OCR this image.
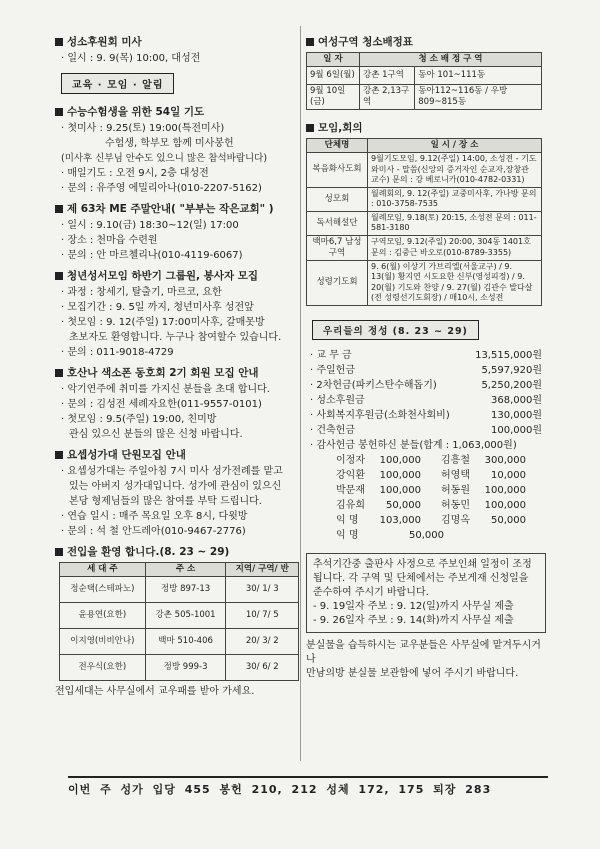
성소후원회 미사
· 일시 : 9. 9(목) 10:00, 대성전
교육 · 모임 · 알림
수능수험생을 위한 54일 기도
· 첫미사 : 9.25(토) 19:00(특전미사)
수험생, 학부모 함께 미사봉헌
(미사후 신부님 안수도 있으니 많은 참석바랍니다)
· 매일기도 : 오전 9시, 2층 대성전
· 문의 : 유주영 에밀리아나(010-2207-5162)
제 63차 ME 주말안내( "부부는 작은교회" )
· 일시 : 9.10(금) 18:30~12(일) 17:00
· 장소 : 천마읍 수련원
· 문의 : 안 마르첼리나(010-4119-6067)
청년성서모임 하반기 그룹원, 봉사자 모집
· 과정 : 창세기, 탈출기, 마르코, 요한
· 모집기간 : 9. 5일 까지, 청년미사후 성전앞
· 첫모임 : 9. 12(주일) 17:00미사후, 갈매못방
초보자도 환영합니다. 누구나 참여할수 있습니다.
· 문의 : 011-9018-4729
호산나 색소폰 동호회 2기 회원 모집 안내
· 악기연주에 취미를 가지신 분들을 초대 합니다.
· 문의 : 김성전 세례자요한(011-9557-0101)
· 첫모임 : 9.5(주일) 19:00, 친미방
관심 있으신 분들의 많은 신청 바랍니다.
요셉성가대 단원모집 안내
· 요셉성가대는 주일아침 7시 미사 성가전례를 맡고
있는 아버지 성가대입니다. 성가에 관심이 있으신
본당 형제님들의 많은 참여를 부탁 드립니다.
· 연습 일시 : 매주 목요일 오후 8시, 다윗방
· 문의 : 석 철 안드레아(010-9467-2776)
전입을 환영 합니다.(8. 23 ~ 29)
세 대 주	주 소	지역/ 구역/ 반
정순택(스테파노)	정방 897-13	30/ 1/ 3
윤용연(요한)	강촌 505-1001	10/ 7/ 5
이지영(비비안나)	백마 510-406	20/ 3/ 2
전우식(요한)	정방 999-3	30/ 6/ 2
전입세대는 사무실에서 교우패를 받아 가세요.
여성구역 청소배정표
일 자	청 소 배 정 구 역	
9월 6일(월)	강촌 1구역	동아 101~111동
9월 10일(금)	강촌 2,13구역	동아112~116동 / 우방809~815동
모임,회의
단체명	일 시 / 장 소
복음화사도회	9월기도모임, 9.12(주일) 14:00, 소성전 - 기도와미사 - 말씀(신앙의 증거자인 순교자,장창관 교수) 문의 : 강 베로니카(010-4782-0331)
성모회	월례회의, 9. 12(주일) 교중미사후, 가나방 문의 : 010-3758-7535
독서해설단	월례모임, 9.18(토) 20:15, 소성전 문의 : 011-581-3180
백마6,7 남성구역	구역모임, 9.12(주일) 20:00, 304동 1401호 문의 : 김중근 바오로(010-8789-3355)
성령기도회	9. 6(월) 이상기 가브리엘(서울교구) / 9. 13(월) 황지연 시도요한 신부(영성피정) / 9. 20(월) 기도와 찬양 / 9. 27(월) 김관수 발다살(전 성령선기도회장) / 매10시, 소성전
우리들의 정성 (8. 23 ~ 29)
· 교 무 금	13,515,000원
· 주일헌금	5,597,920원
· 2차헌금(파키스탄수해돕기)	5,250,200원
· 성소후원금	368,000원
· 사회복지후원금(소화천사회비)	130,000원
· 건축헌금	100,000원
· 감사헌금 봉헌하신 분들(합계 : 1,063,000원)
이정자	100,000 김흥철	300,000
강익환	100,000 허영택	10,000
박문재	100,000 허동원	100,000
김유희	50,000 허동민	100,000
익 명	103,000 김명옥	50,000
익 명	50,000
추석기간중 출판사 사정으로 주보인쇄 일정이 조정
됩니다. 각 구역 및 단체에서는 주보게재 신청일을
준수하여 주시기 바랍니다.
- 9. 19일자 주보 : 9. 12(일)까지 사무실 제출
- 9. 26일자 주보 : 9. 14(화)까지 사무실 제출
분실물을 습득하시는 교우분들은 사무실에 맡겨두시거나
만남의방 분실물 보관함에 넣어 주시기 바랍니다.
이번 주 성가 입당 455 봉헌 210, 212 성체 172, 175 퇴장 283
